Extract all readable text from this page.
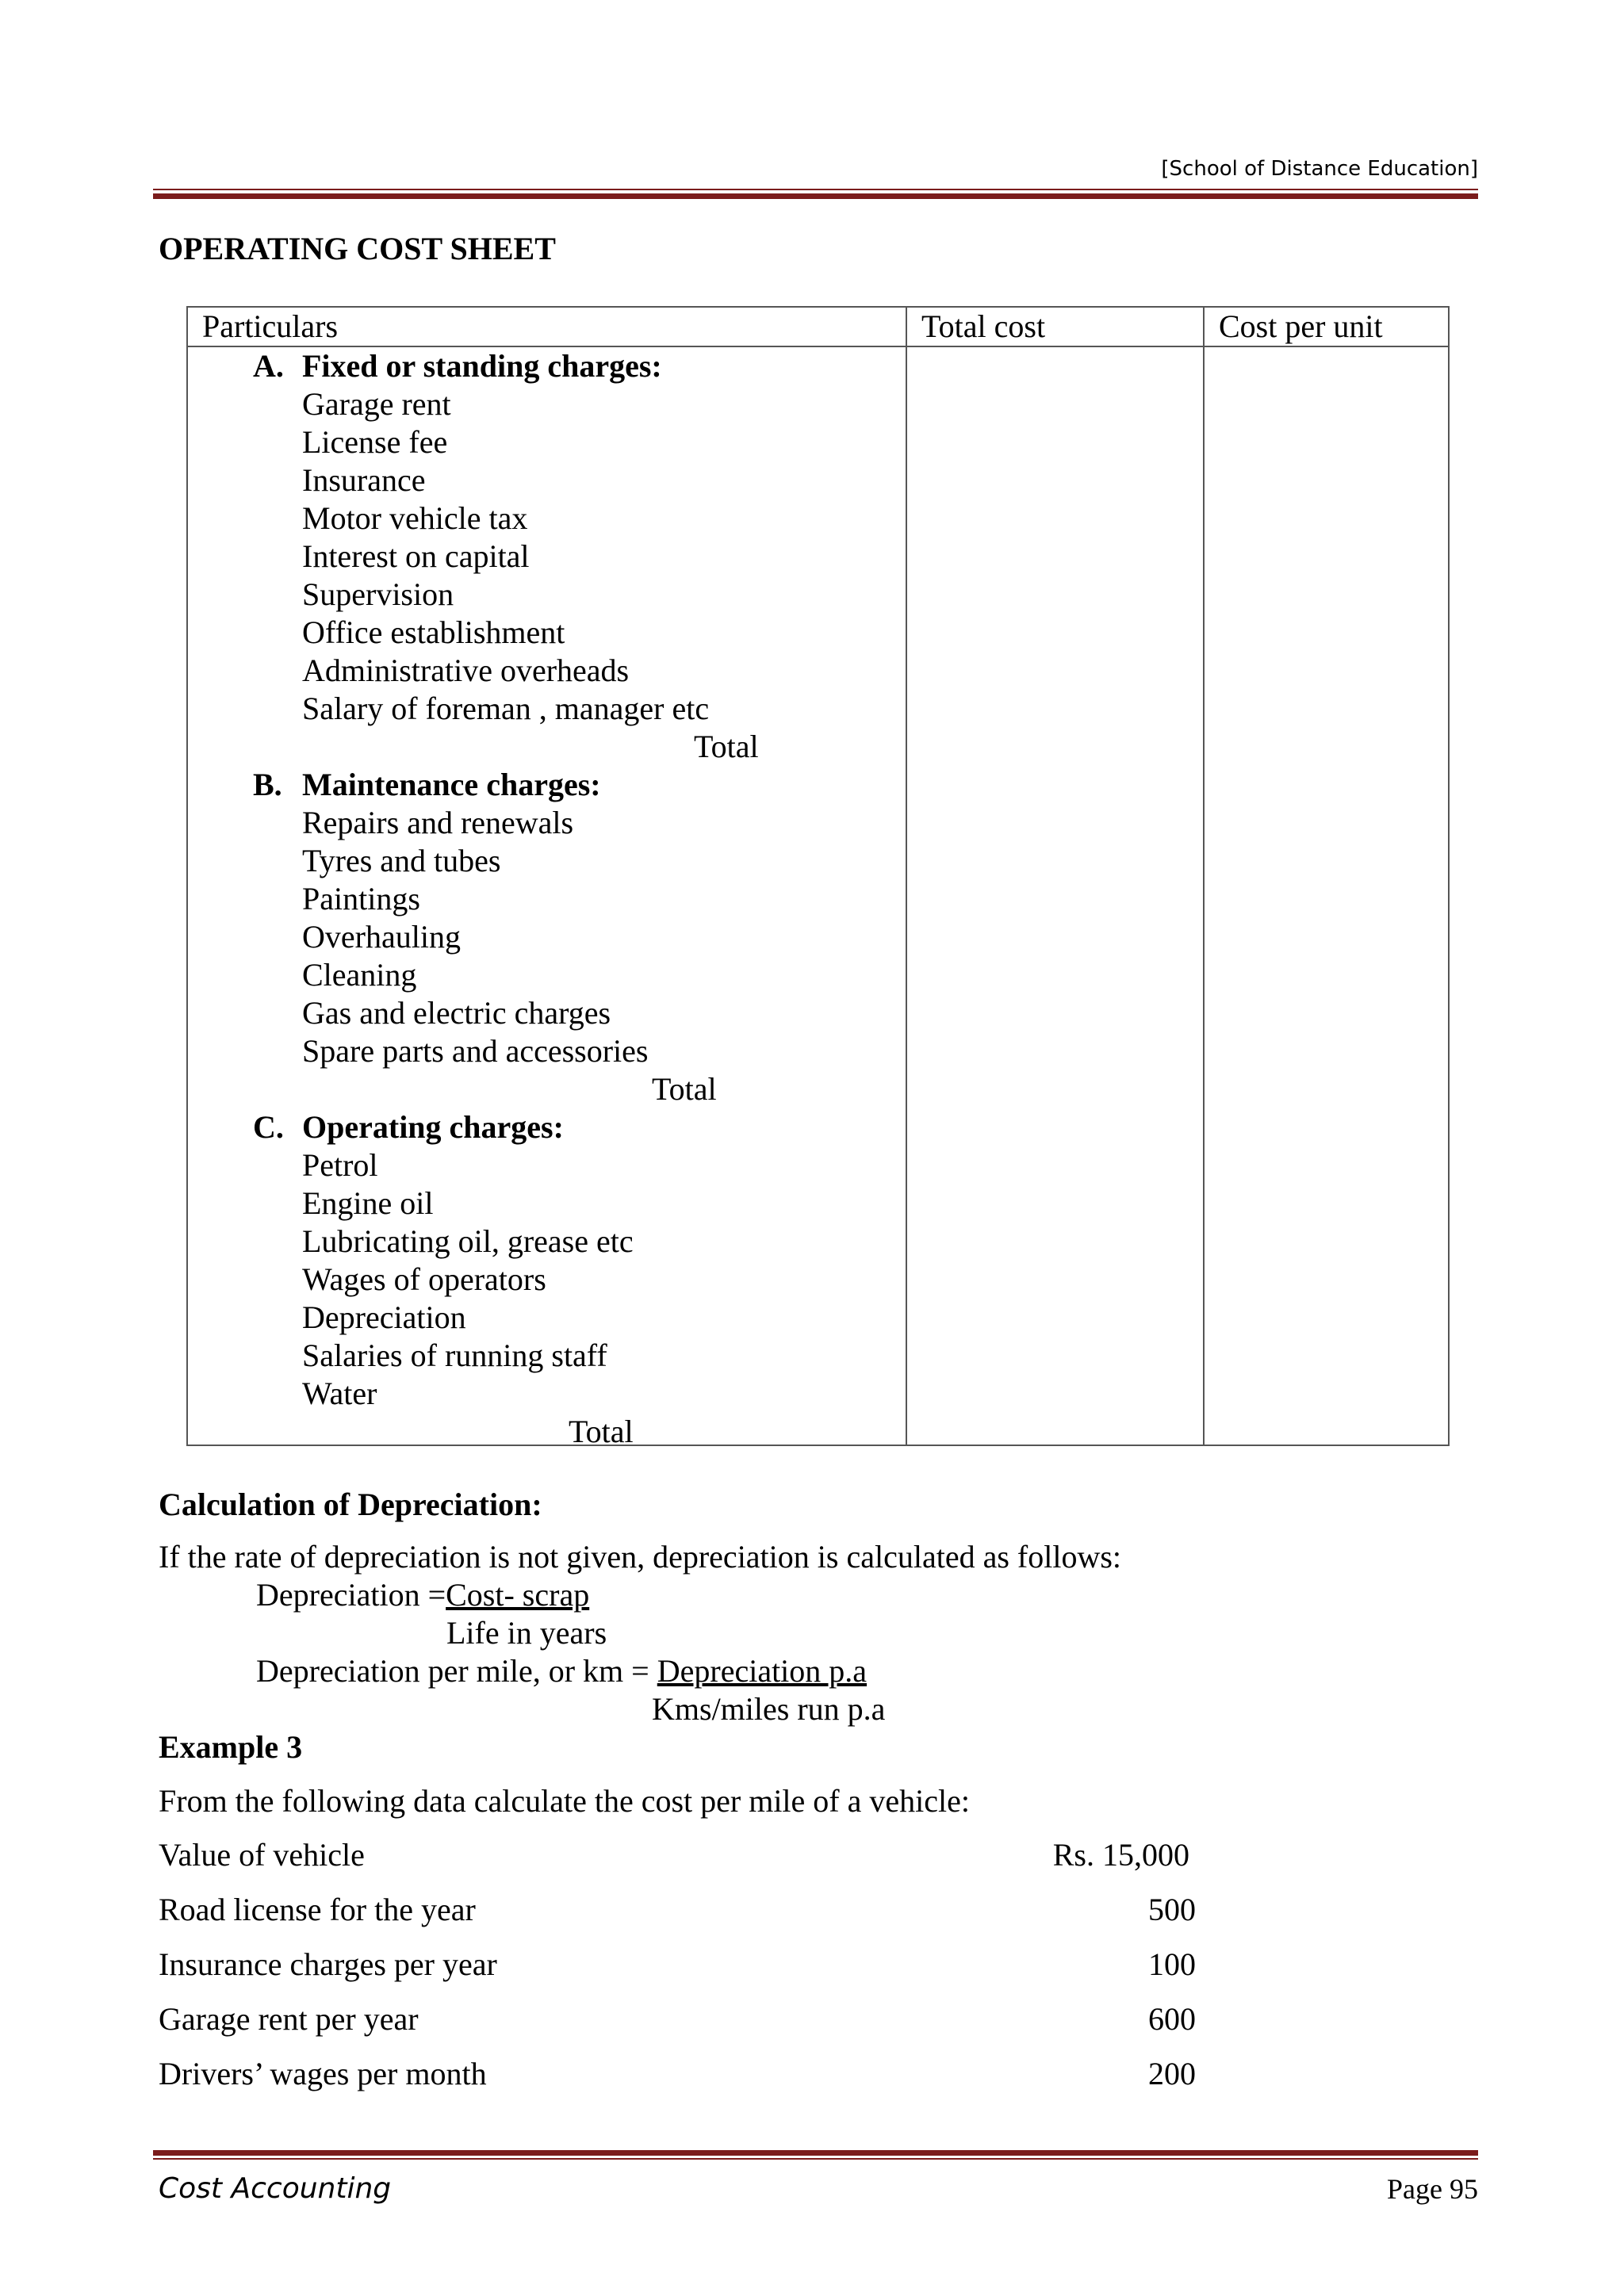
[School of Distance Education]
OPERATING COST SHEET
Particulars	Total cost	Cost per unit
A. Fixed or standing charges:
Garage rent
License fee
Insurance
Motor vehicle tax
Interest on capital
Supervision
Office establishment
Administrative overheads
Salary of foreman , manager etc
Total
B. Maintenance charges:
Repairs and renewals
Tyres and tubes
Paintings
Overhauling
Cleaning
Gas and electric charges
Spare parts and accessories
Total
C. Operating charges:
Petrol
Engine oil
Lubricating oil, grease etc
Wages of operators
Depreciation
Salaries of running staff
Water
Total
Calculation of Depreciation:
If the rate of depreciation is not given, depreciation is calculated as follows:
Depreciation =Cost- scrap
Life in years
Depreciation per mile, or km = Depreciation p.a
Kms/miles run p.a
Example 3
From the following data calculate the cost per mile of a vehicle:
Value of vehicle	Rs. 15,000
Road license for the year	500
Insurance charges per year	100
Garage rent per year	600
Drivers’ wages per month	200
Cost Accounting	Page 95
